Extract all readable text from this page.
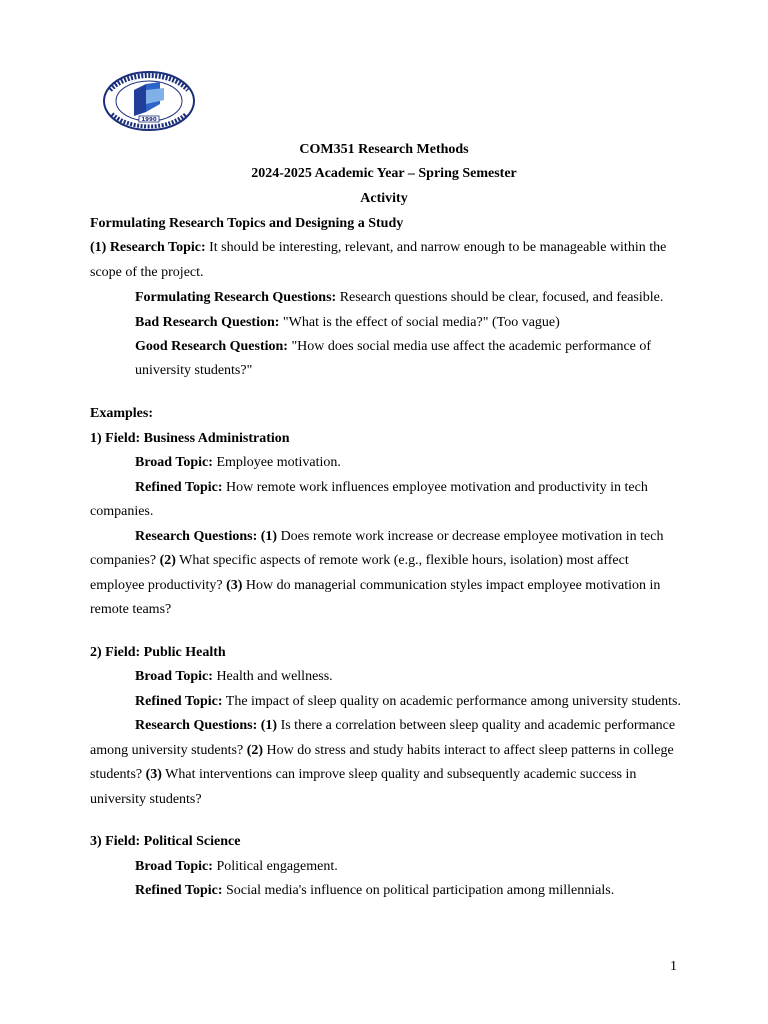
1990
COM351 Research Methods
2024-2025 Academic Year – Spring Semester
Activity
Formulating Research Topics and Designing a Study
(1) Research Topic: It should be interesting, relevant, and narrow enough to be manageable within the
scope of the project.
Formulating Research Questions: Research questions should be clear, focused, and feasible.
Bad Research Question: "What is the effect of social media?" (Too vague)
Good Research Question: "How does social media use affect the academic performance of
university students?"
Examples:
1) Field: Business Administration
Broad Topic: Employee motivation.
Refined Topic: How remote work influences employee motivation and productivity in tech
companies.
Research Questions: (1) Does remote work increase or decrease employee motivation in tech
companies? (2) What specific aspects of remote work (e.g., flexible hours, isolation) most affect
employee productivity? (3) How do managerial communication styles impact employee motivation in
remote teams?
2) Field: Public Health
Broad Topic: Health and wellness.
Refined Topic: The impact of sleep quality on academic performance among university students.
Research Questions: (1) Is there a correlation between sleep quality and academic performance
among university students? (2) How do stress and study habits interact to affect sleep patterns in college
students? (3) What interventions can improve sleep quality and subsequently academic success in
university students?
3) Field: Political Science
Broad Topic: Political engagement.
Refined Topic: Social media's influence on political participation among millennials.
1
